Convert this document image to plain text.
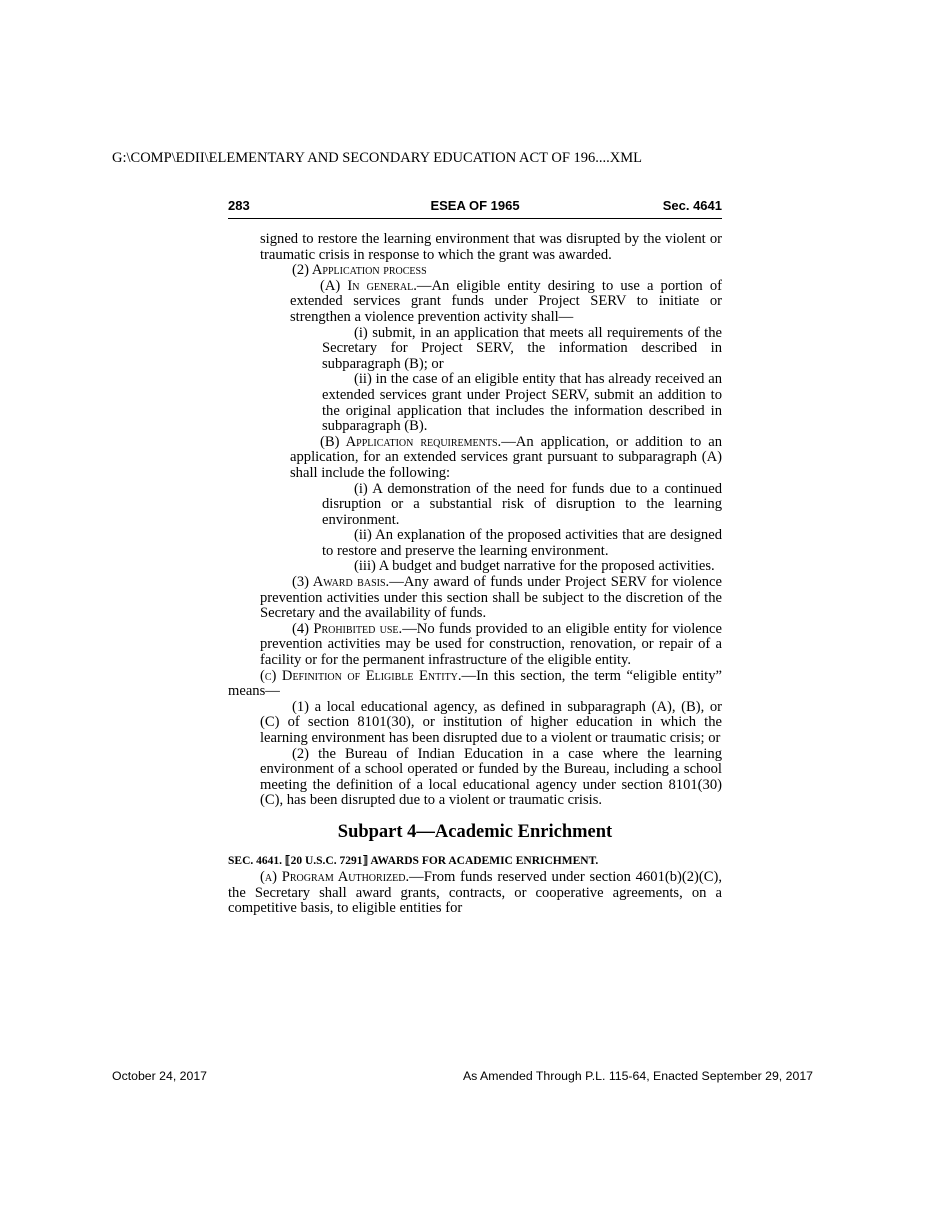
G:\COMP\EDII\ELEMENTARY AND SECONDARY EDUCATION ACT OF 196....XML
283	ESEA OF 1965	Sec. 4641

signed to restore the learning environment that was disrupted by the violent or traumatic crisis in response to which the grant was awarded.

(2) Application process

(A) In general.—An eligible entity desiring to use a portion of extended services grant funds under Project SERV to initiate or strengthen a violence prevention activity shall—

(i) submit, in an application that meets all requirements of the Secretary for Project SERV, the information described in subparagraph (B); or

(ii) in the case of an eligible entity that has already received an extended services grant under Project SERV, submit an addition to the original application that includes the information described in subparagraph (B).

(B) Application requirements.—An application, or addition to an application, for an extended services grant pursuant to subparagraph (A) shall include the following:

(i) A demonstration of the need for funds due to a continued disruption or a substantial risk of disruption to the learning environment.

(ii) An explanation of the proposed activities that are designed to restore and preserve the learning environment.

(iii) A budget and budget narrative for the proposed activities.

(3) Award basis.—Any award of funds under Project SERV for violence prevention activities under this section shall be subject to the discretion of the Secretary and the availability of funds.

(4) Prohibited use.—No funds provided to an eligible entity for violence prevention activities may be used for construction, renovation, or repair of a facility or for the permanent infrastructure of the eligible entity.

(c) Definition of Eligible Entity.—In this section, the term “eligible entity” means—

(1) a local educational agency, as defined in subparagraph (A), (B), or (C) of section 8101(30), or institution of higher education in which the learning environment has been disrupted due to a violent or traumatic crisis; or

(2) the Bureau of Indian Education in a case where the learning environment of a school operated or funded by the Bureau, including a school meeting the definition of a local educational agency under section 8101(30)(C), has been disrupted due to a violent or traumatic crisis.

Subpart 4—Academic Enrichment
SEC. 4641. ⟦20 U.S.C. 7291⟧ AWARDS FOR ACADEMIC ENRICHMENT.

(a) Program Authorized.—From funds reserved under section 4601(b)(2)(C), the Secretary shall award grants, contracts, or cooperative agreements, on a competitive basis, to eligible entities for

October 24, 2017	As Amended Through P.L. 115-64, Enacted September 29, 2017
